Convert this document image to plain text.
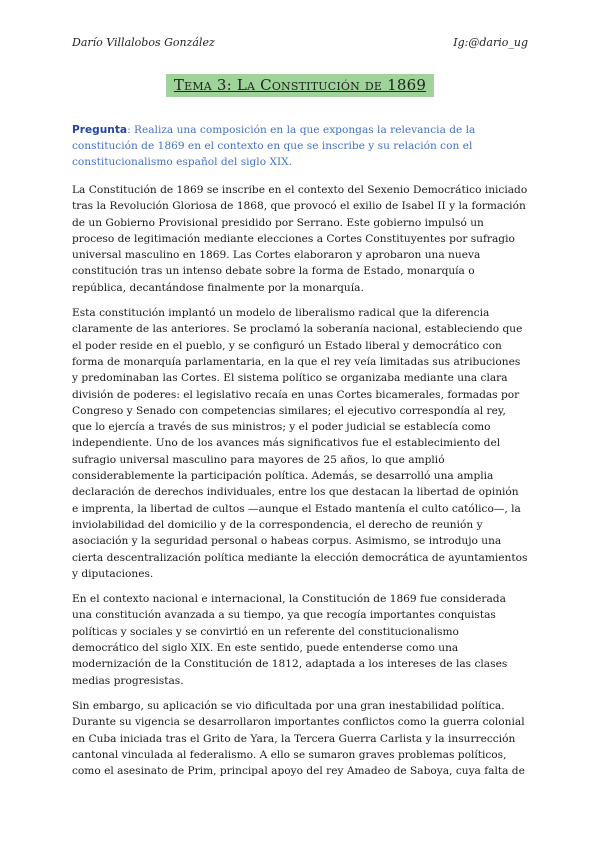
Darío Villalobos González	Ig:@dario_ug
Tema 3: La Constitución de 1869
Pregunta: Realiza una composición en la que expongas la relevancia de la constitución de 1869 en el contexto en que se inscribe y su relación con el constitucionalismo español del siglo XIX.

La Constitución de 1869 se inscribe en el contexto del Sexenio Democrático iniciado tras la Revolución Gloriosa de 1868, que provocó el exilio de Isabel II y la formación de un Gobierno Provisional presidido por Serrano. Este gobierno impulsó un proceso de legitimación mediante elecciones a Cortes Constituyentes por sufragio universal masculino en 1869. Las Cortes elaboraron y aprobaron una nueva constitución tras un intenso debate sobre la forma de Estado, monarquía o república, decantándose finalmente por la monarquía.

Esta constitución implantó un modelo de liberalismo radical que la diferencia claramente de las anteriores. Se proclamó la soberanía nacional, estableciendo que el poder reside en el pueblo, y se configuró un Estado liberal y democrático con forma de monarquía parlamentaria, en la que el rey veía limitadas sus atribuciones y predominaban las Cortes. El sistema político se organizaba mediante una clara división de poderes: el legislativo recaía en unas Cortes bicamerales, formadas por Congreso y Senado con competencias similares; el ejecutivo correspondía al rey, que lo ejercía a través de sus ministros; y el poder judicial se establecía como independiente. Uno de los avances más significativos fue el establecimiento del sufragio universal masculino para mayores de 25 años, lo que amplió considerablemente la participación política. Además, se desarrolló una amplia declaración de derechos individuales, entre los que destacan la libertad de opinión e imprenta, la libertad de cultos —aunque el Estado mantenía el culto católico—, la inviolabilidad del domicilio y de la correspondencia, el derecho de reunión y asociación y la seguridad personal o habeas corpus. Asimismo, se introdujo una cierta descentralización política mediante la elección democrática de ayuntamientos y diputaciones.

En el contexto nacional e internacional, la Constitución de 1869 fue considerada una constitución avanzada a su tiempo, ya que recogía importantes conquistas políticas y sociales y se convirtió en un referente del constitucionalismo democrático del siglo XIX. En este sentido, puede entenderse como una modernización de la Constitución de 1812, adaptada a los intereses de las clases medias progresistas.

Sin embargo, su aplicación se vio dificultada por una gran inestabilidad política. Durante su vigencia se desarrollaron importantes conflictos como la guerra colonial en Cuba iniciada tras el Grito de Yara, la Tercera Guerra Carlista y la insurrección cantonal vinculada al federalismo. A ello se sumaron graves problemas políticos, como el asesinato de Prim, principal apoyo del rey Amadeo de Saboya, cuya falta de
